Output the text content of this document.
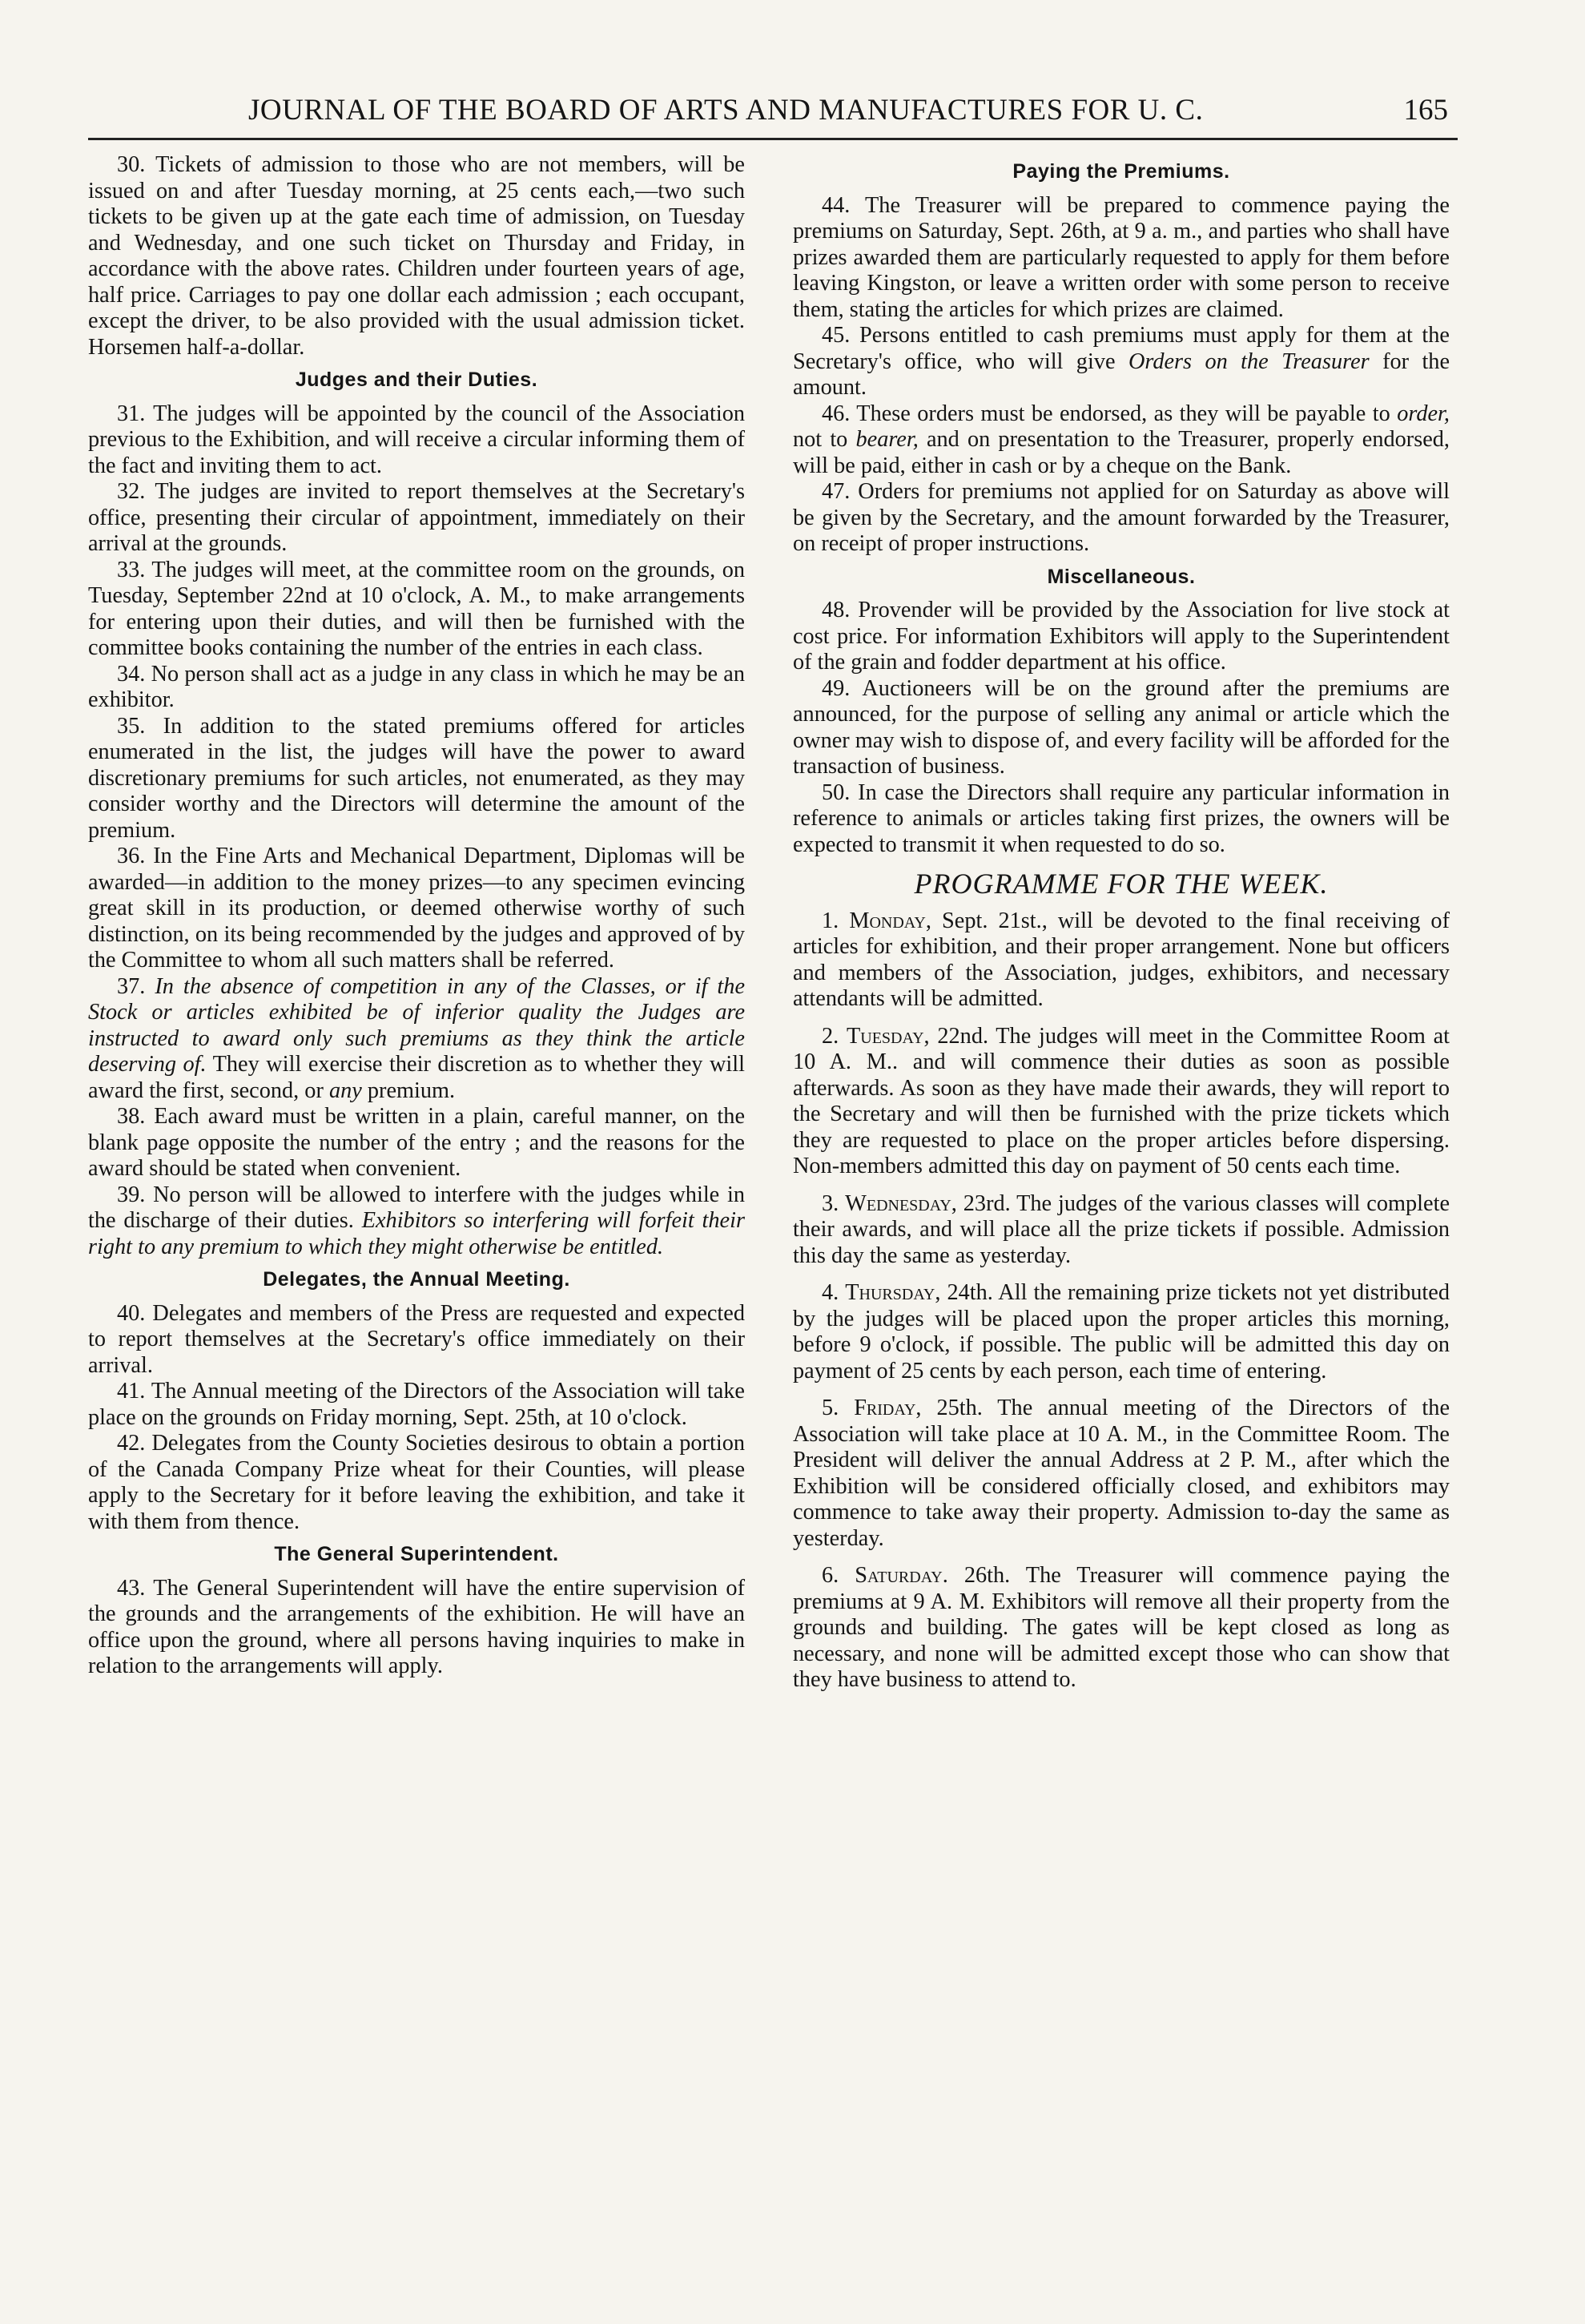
JOURNAL OF THE BOARD OF ARTS AND MANUFACTURES FOR U. C.	165

30. Tickets of admission to those who are not members, will be issued on and after Tuesday morning, at 25 cents each,—two such tickets to be given up at the gate each time of admission, on Tuesday and Wednesday, and one such ticket on Thursday and Friday, in accordance with the above rates. Children under fourteen years of age, half price. Carriages to pay one dollar each admission ; each occupant, except the driver, to be also provided with the usual admission ticket. Horsemen half-a-dollar.

Judges and their Duties.

31. The judges will be appointed by the council of the Association previous to the Exhibition, and will receive a circular informing them of the fact and inviting them to act.

32. The judges are invited to report themselves at the Secretary's office, presenting their circular of appointment, immediately on their arrival at the grounds.

33. The judges will meet, at the committee room on the grounds, on Tuesday, September 22nd at 10 o'clock, A. M., to make arrangements for entering upon their duties, and will then be furnished with the committee books containing the number of the entries in each class.

34. No person shall act as a judge in any class in which he may be an exhibitor.

35. In addition to the stated premiums offered for articles enumerated in the list, the judges will have the power to award discretionary premiums for such articles, not enumerated, as they may consider worthy and the Directors will determine the amount of the premium.

36. In the Fine Arts and Mechanical Department, Diplomas will be awarded—in addition to the money prizes—to any specimen evincing great skill in its production, or deemed otherwise worthy of such distinction, on its being recommended by the judges and approved of by the Committee to whom all such matters shall be referred.

37. In the absence of competition in any of the Classes, or if the Stock or articles exhibited be of inferior quality the Judges are instructed to award only such premiums as they think the article deserving of. They will exercise their discretion as to whether they will award the first, second, or any premium.

38. Each award must be written in a plain, careful manner, on the blank page opposite the number of the entry ; and the reasons for the award should be stated when convenient.

39. No person will be allowed to interfere with the judges while in the discharge of their duties. Exhibitors so interfering will forfeit their right to any premium to which they might otherwise be entitled.

Delegates, the Annual Meeting.

40. Delegates and members of the Press are requested and expected to report themselves at the Secretary's office immediately on their arrival.

41. The Annual meeting of the Directors of the Association will take place on the grounds on Friday morning, Sept. 25th, at 10 o'clock.

42. Delegates from the County Societies desirous to obtain a portion of the Canada Company Prize wheat for their Counties, will please apply to the Secretary for it before leaving the exhibition, and take it with them from thence.

The General Superintendent.

43. The General Superintendent will have the entire supervision of the grounds and the arrangements of the exhibition. He will have an office upon the ground, where all persons having inquiries to make in relation to the arrangements will apply.

Paying the Premiums.

44. The Treasurer will be prepared to commence paying the premiums on Saturday, Sept. 26th, at 9 a. m., and parties who shall have prizes awarded them are particularly requested to apply for them before leaving Kingston, or leave a written order with some person to receive them, stating the articles for which prizes are claimed.

45. Persons entitled to cash premiums must apply for them at the Secretary's office, who will give Orders on the Treasurer for the amount.

46. These orders must be endorsed, as they will be payable to order, not to bearer, and on presentation to the Treasurer, properly endorsed, will be paid, either in cash or by a cheque on the Bank.

47. Orders for premiums not applied for on Saturday as above will be given by the Secretary, and the amount forwarded by the Treasurer, on receipt of proper instructions.

Miscellaneous.

48. Provender will be provided by the Association for live stock at cost price. For information Exhibitors will apply to the Superintendent of the grain and fodder department at his office.

49. Auctioneers will be on the ground after the premiums are announced, for the purpose of selling any animal or article which the owner may wish to dispose of, and every facility will be afforded for the transaction of business.

50. In case the Directors shall require any particular information in reference to animals or articles taking first prizes, the owners will be expected to transmit it when requested to do so.

PROGRAMME FOR THE WEEK.

1. Monday, Sept. 21st., will be devoted to the final receiving of articles for exhibition, and their proper arrangement. None but officers and members of the Association, judges, exhibitors, and necessary attendants will be admitted.

2. Tuesday, 22nd. The judges will meet in the Committee Room at 10 A. M.. and will commence their duties as soon as possible afterwards. As soon as they have made their awards, they will report to the Secretary and will then be furnished with the prize tickets which they are requested to place on the proper articles before dispersing. Non-members admitted this day on payment of 50 cents each time.

3. Wednesday, 23rd. The judges of the various classes will complete their awards, and will place all the prize tickets if possible. Admission this day the same as yesterday.

4. Thursday, 24th. All the remaining prize tickets not yet distributed by the judges will be placed upon the proper articles this morning, before 9 o'clock, if possible. The public will be admitted this day on payment of 25 cents by each person, each time of entering.

5. Friday, 25th. The annual meeting of the Directors of the Association will take place at 10 A. M., in the Committee Room. The President will deliver the annual Address at 2 P. M., after which the Exhibition will be considered officially closed, and exhibitors may commence to take away their property. Admission to-day the same as yesterday.

6. Saturday. 26th. The Treasurer will commence paying the premiums at 9 A. M. Exhibitors will remove all their property from the grounds and building. The gates will be kept closed as long as necessary, and none will be admitted except those who can show that they have business to attend to.
